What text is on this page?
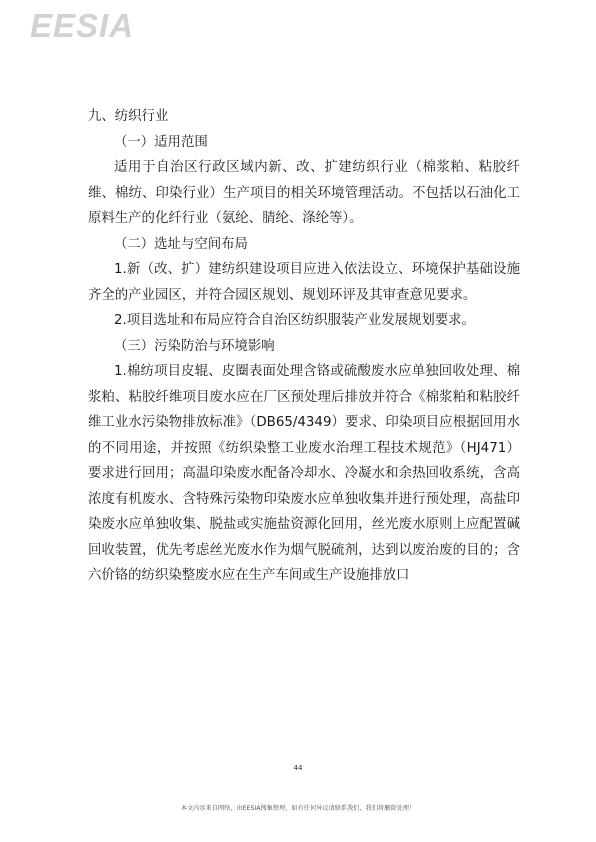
EESIA

九、纺织行业

（一）适用范围

适用于自治区行政区域内新、改、扩建纺织行业（棉浆粕、粘胶纤维、棉纺、印染行业）生产项目的相关环境管理活动。不包括以石油化工原料生产的化纤行业（氨纶、腈纶、涤纶等）。

（二）选址与空间布局

1.新（改、扩）建纺织建设项目应进入依法设立、环境保护基础设施齐全的产业园区，并符合园区规划、规划环评及其审查意见要求。

2.项目选址和布局应符合自治区纺织服装产业发展规划要求。

（三）污染防治与环境影响

1.棉纺项目皮辊、皮圈表面处理含铬或硫酸废水应单独回收处理、棉浆粕、粘胶纤维项目废水应在厂区预处理后排放并符合《棉浆粕和粘胶纤维工业水污染物排放标准》（DB65/4349）要求、印染项目应根据回用水的不同用途，并按照《纺织染整工业废水治理工程技术规范》（HJ471）要求进行回用；高温印染废水配备冷却水、冷凝水和余热回收系统，含高浓度有机废水、含特殊污染物印染废水应单独收集并进行预处理，高盐印染废水应单独收集、脱盐或实施盐资源化回用，丝光废水原则上应配置碱回收装置，优先考虑丝光废水作为烟气脱硫剂，达到以废治废的目的；含六价铬的纺织染整废水应在生产车间或生产设施排放口

44
本文内容来自网络，由EESIA搜集整理，如有任何异议请联系我们，我们将删除处理！
